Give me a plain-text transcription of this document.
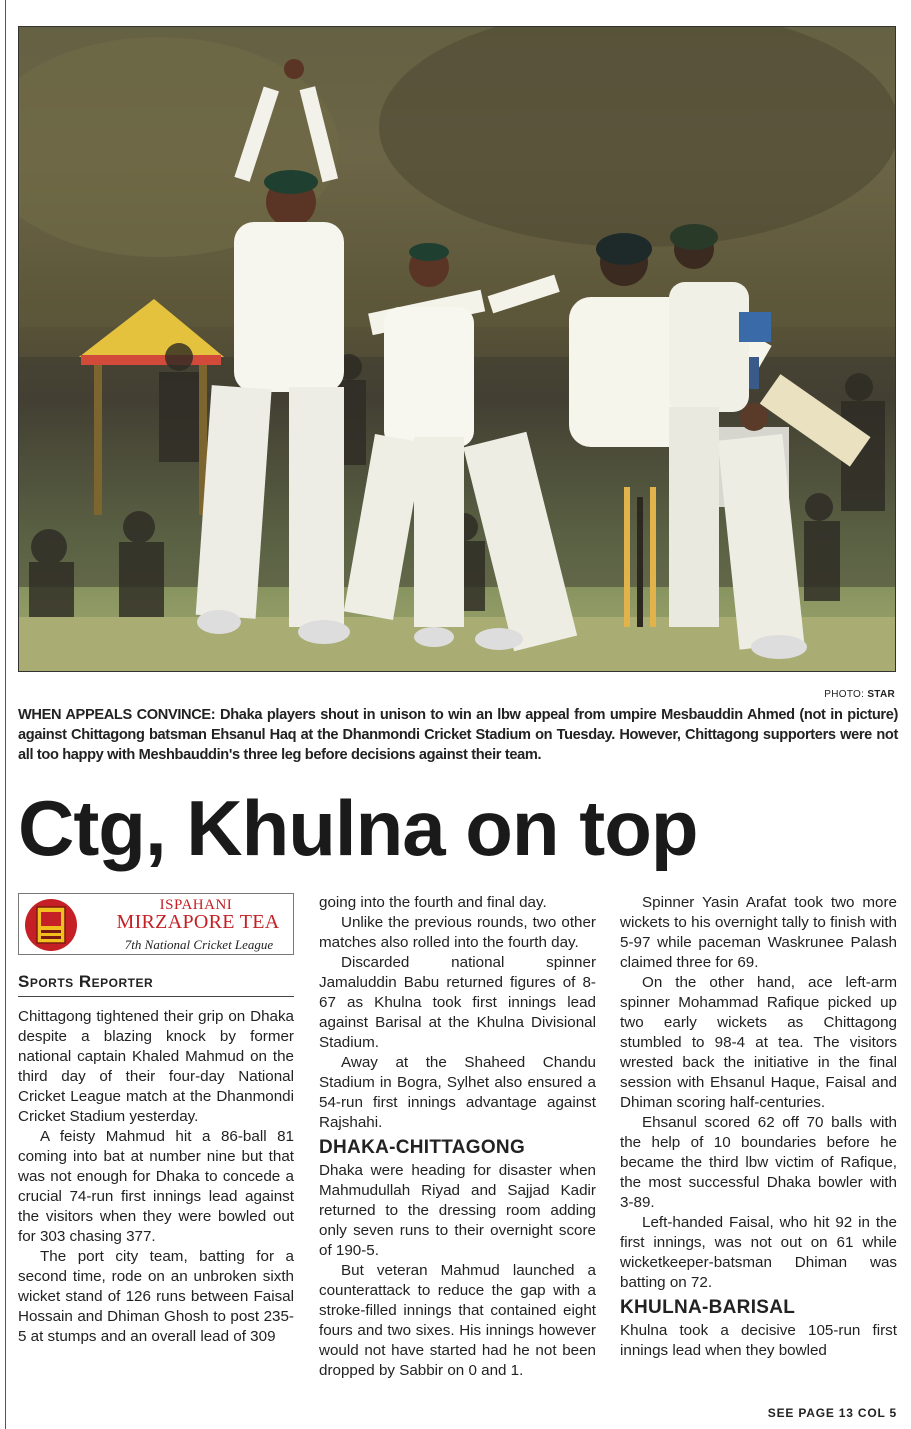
PHOTO: STAR
WHEN APPEALS CONVINCE: Dhaka players shout in unison to win an lbw appeal from umpire Mesbauddin Ahmed (not in picture) against Chittagong batsman Ehsanul Haq at the Dhanmondi Cricket Stadium on Tuesday. However, Chittagong supporters were not all too happy with Meshbauddin's three leg before decisions against their team.
Ctg, Khulna on top
ISPAHANI
MIRZAPORE TEA
7th National Cricket League
Sports Reporter

Chittagong tightened their grip on Dhaka despite a blazing knock by former national captain Khaled Mahmud on the third day of their four-day National Cricket League match at the Dhanmondi Cricket Stadium yesterday.

A feisty Mahmud hit a 86-ball 81 coming into bat at number nine but that was not enough for Dhaka to concede a crucial 74-run first innings lead against the visitors when they were bowled out for 303 chasing 377.

The port city team, batting for a second time, rode on an unbroken sixth wicket stand of 126 runs between Faisal Hossain and Dhiman Ghosh to post 235-5 at stumps and an overall lead of 309

going into the fourth and final day.

Unlike the previous rounds, two other matches also rolled into the fourth day.

Discarded national spinner Jamaluddin Babu returned figures of 8-67 as Khulna took first innings lead against Barisal at the Khulna Divisional Stadium.

Away at the Shaheed Chandu Stadium in Bogra, Sylhet also ensured a 54-run first innings advantage against Rajshahi.

DHAKA-CHITTAGONG

Dhaka were heading for disaster when Mahmudullah Riyad and Sajjad Kadir returned to the dressing room adding only seven runs to their overnight score of 190-5.

But veteran Mahmud launched a counterattack to reduce the gap with a stroke-filled innings that contained eight fours and two sixes. His innings however would not have started had he not been dropped by Sabbir on 0 and 1.

Spinner Yasin Arafat took two more wickets to his overnight tally to finish with 5-97 while paceman Waskrunee Palash claimed three for 69.

On the other hand, ace left-arm spinner Mohammad Rafique picked up two early wickets as Chittagong stumbled to 98-4 at tea. The visitors wrested back the initiative in the final session with Ehsanul Haque, Faisal and Dhiman scoring half-centuries.

Ehsanul scored 62 off 70 balls with the help of 10 boundaries before he became the third lbw victim of Rafique, the most successful Dhaka bowler with 3-89.

Left-handed Faisal, who hit 92 in the first innings, was not out on 61 while wicketkeeper-batsman Dhiman was batting on 72.

KHULNA-BARISAL

Khulna took a decisive 105-run first innings lead when they bowled

SEE PAGE 13 COL 5
